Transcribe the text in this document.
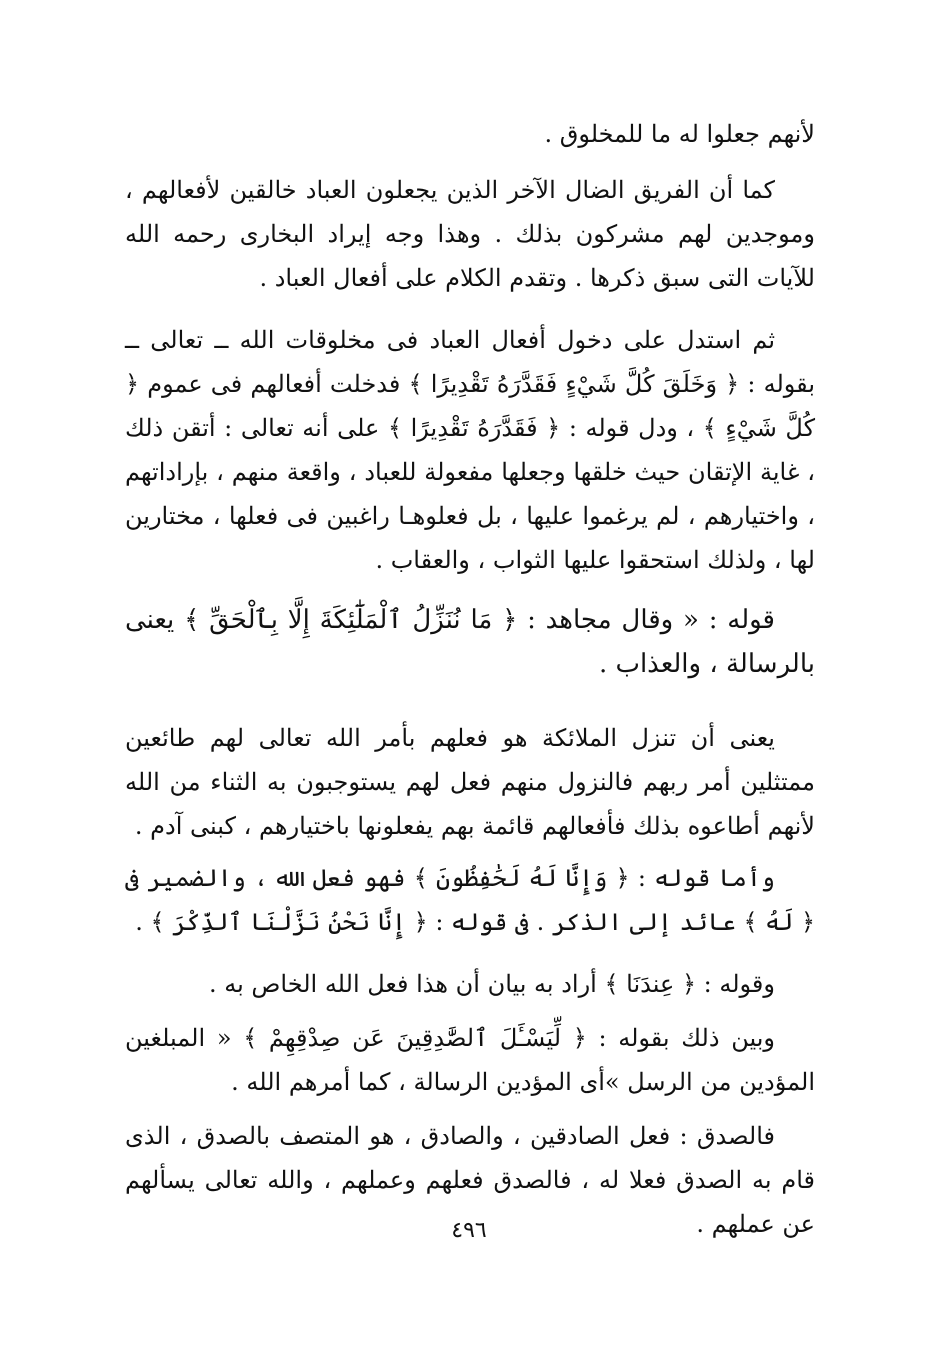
لأنهم جعلوا له ما للمخلوق .

كما أن الفريق الضال الآخر الذين يجعلون العباد خالقين لأفعالهم ، وموجدين لهم مشركون بذلك . وهذا وجه إيراد البخارى رحمه الله للآيات التى سبق ذكرها . وتقدم الكلام على أفعال العباد .

ثم استدل على دخول أفعال العباد فى مخلوقات الله ــ تعالى ــ بقوله : ﴿ وَخَلَقَ كُلَّ شَيْءٍ فَقَدَّرَهُ تَقْدِيرًا ﴾ فدخلت أفعالهم فى عموم ﴿ كُلَّ شَيْءٍ ﴾ ، ودل قوله : ﴿ فَقَدَّرَهُ تَقْدِيرًا ﴾ على أنه تعالى : أتقن ذلك ، غاية الإتقان حيث خلقها وجعلها مفعولة للعباد ، واقعة منهم ، بإراداتهم ، واختيارهم ، لم يرغموا عليها ، بل فعلوهـا راغبين فى فعلها ، مختارين لها ، ولذلك استحقوا عليها الثواب ، والعقاب .

قوله : « وقال مجاهد : ﴿ مَا نُنَزِّلُ ٱلْمَلَٰٓئِكَةَ إِلَّا بِٱلْحَقِّ ﴾ يعنى بالرسالة ، والعذاب .

يعنى أن تنزل الملائكة هو فعلهم بأمر الله تعالى لهم طائعين ممتثلين أمر ربهم فالنزول منهم فعل لهم يستوجبون به الثناء من الله لأنهم أطاعوه بذلك فأفعالهم قائمة بهم يفعلونها باختيارهم ، كبنى آدم .

وأما قوله : ﴿ وَإِنَّا لَهُ لَحَٰفِظُونَ ﴾ فهو فعل الله ، والضمير فى ﴿ لَهُ ﴾ عائد إلى الذكر . فى قوله : ﴿ إِنَّا نَحْنُ نَزَّلْنَا ٱلذِّكْرَ ﴾ .

وقوله : ﴿ عِندَنَا ﴾ أراد به بيان أن هذا فعل الله الخاص به .

وبين ذلك بقوله : ﴿ لِّيَسْـَٔلَ ٱلصَّٰدِقِينَ عَن صِدْقِهِمْ ﴾ « المبلغين المؤدين من الرسل »أى المؤدين الرسالة ، كما أمرهم الله .

فالصدق : فعل الصادقين ، والصادق ، هو المتصف بالصدق ، الذى قام به الصدق فعلا له ، فالصدق فعلهم وعملهم ، والله تعالى يسألهم عن عملهم .

٤٩٦
